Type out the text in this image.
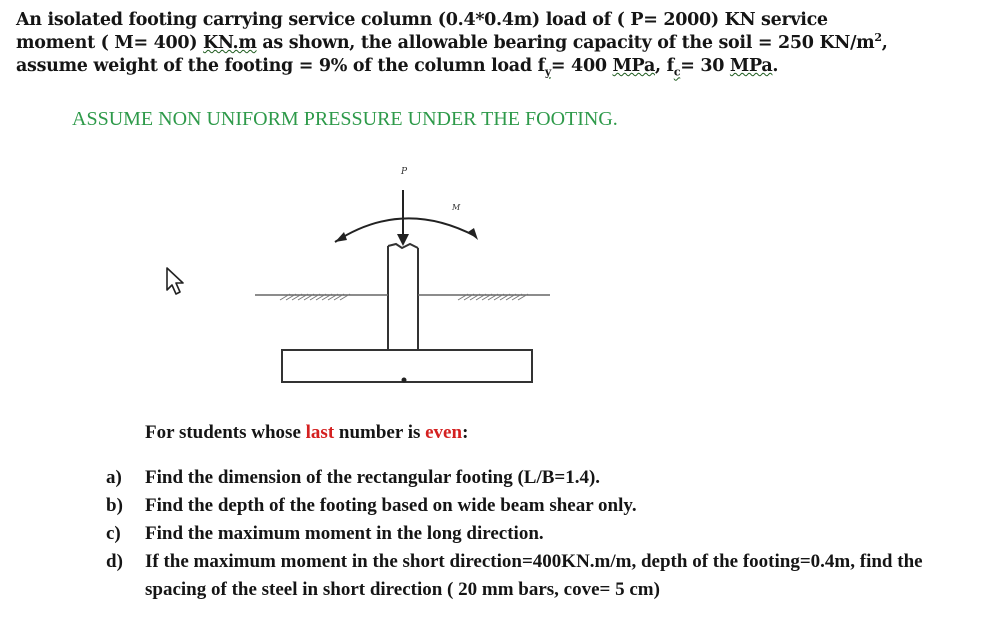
An isolated footing carrying service column (0.4*0.4m) load of ( P= 2000) KN service
moment ( M= 400) KN.m as shown, the allowable bearing capacity of the soil = 250 $KN/m^2$,
assume weight of the footing = 9% of the column load $f_y= 400$ MPa, $f_c= 30$ MPa.
ASSUME NON UNIFORM PRESSURE UNDER THE FOOTING.
P
M
For students whose last number is even:
a) Find the dimension of the rectangular footing (L/B=1.4).
b) Find the depth of the footing based on wide beam shear only.
c) Find the maximum moment in the long direction.
d) If the maximum moment in the short direction=400KN.m/m, depth of the footing=0.4m, find the spacing of the steel in short direction ( 20 mm bars, cove= 5 cm)
